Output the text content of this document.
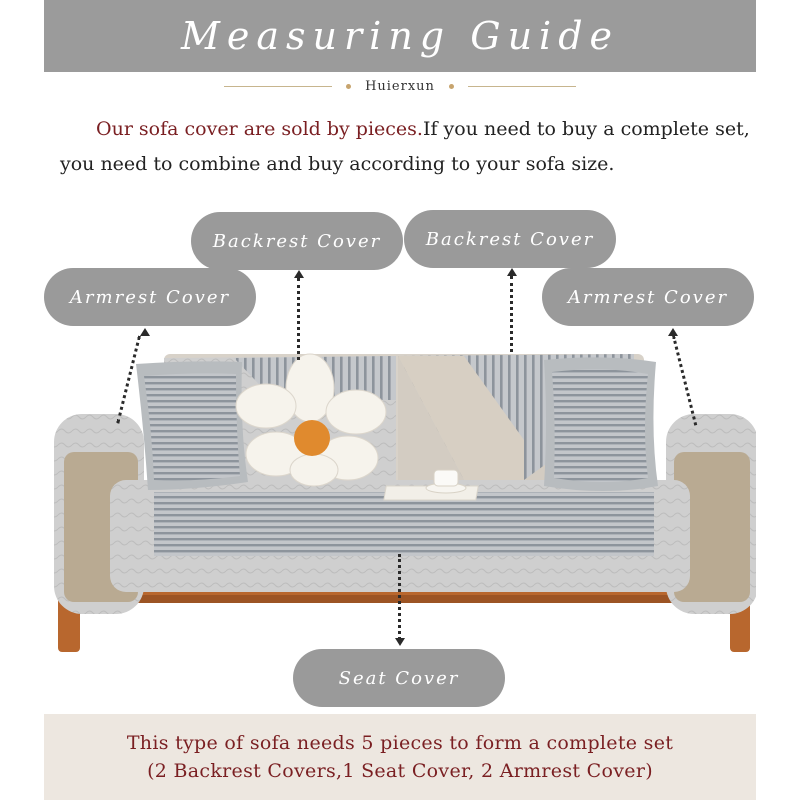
Measuring Guide
Huierxun

Our sofa cover are sold by pieces.If you need to buy a complete set, you need to combine and buy according to your sofa size.

Backrest Cover	Backrest Cover
Armrest Cover	Armrest Cover
Seat Cover
This type of sofa needs 5 pieces to form a complete set
(2 Backrest Covers,1 Seat Cover, 2 Armrest Cover)
